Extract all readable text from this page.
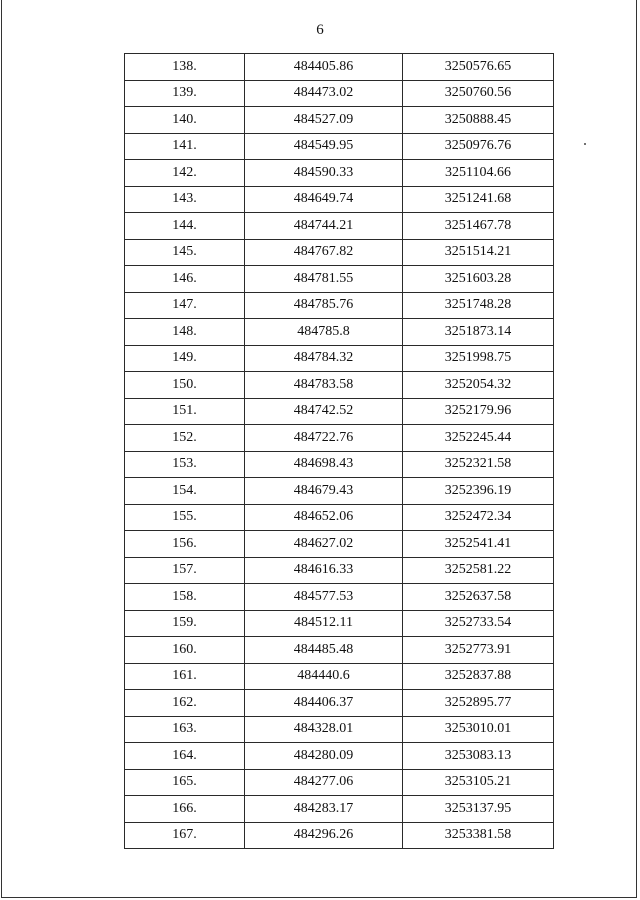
6
138.	484405.86	3250576.65
139.	484473.02	3250760.56
140.	484527.09	3250888.45
141.	484549.95	3250976.76
142.	484590.33	3251104.66
143.	484649.74	3251241.68
144.	484744.21	3251467.78
145.	484767.82	3251514.21
146.	484781.55	3251603.28
147.	484785.76	3251748.28
148.	484785.8	3251873.14
149.	484784.32	3251998.75
150.	484783.58	3252054.32
151.	484742.52	3252179.96
152.	484722.76	3252245.44
153.	484698.43	3252321.58
154.	484679.43	3252396.19
155.	484652.06	3252472.34
156.	484627.02	3252541.41
157.	484616.33	3252581.22
158.	484577.53	3252637.58
159.	484512.11	3252733.54
160.	484485.48	3252773.91
161.	484440.6	3252837.88
162.	484406.37	3252895.77
163.	484328.01	3253010.01
164.	484280.09	3253083.13
165.	484277.06	3253105.21
166.	484283.17	3253137.95
167.	484296.26	3253381.58
